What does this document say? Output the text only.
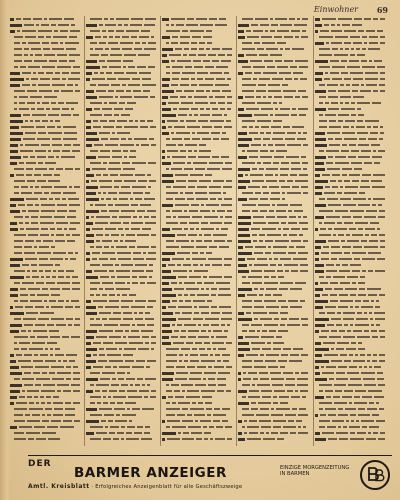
Einwohner 69
DER
BARMER ANZEIGER	EINZIGE MORGENZEITUNG IN BARMEN
Amtl. Kreisblatt · Erfolgreiches Anzeigenblatt für alle Geschäftszweige
